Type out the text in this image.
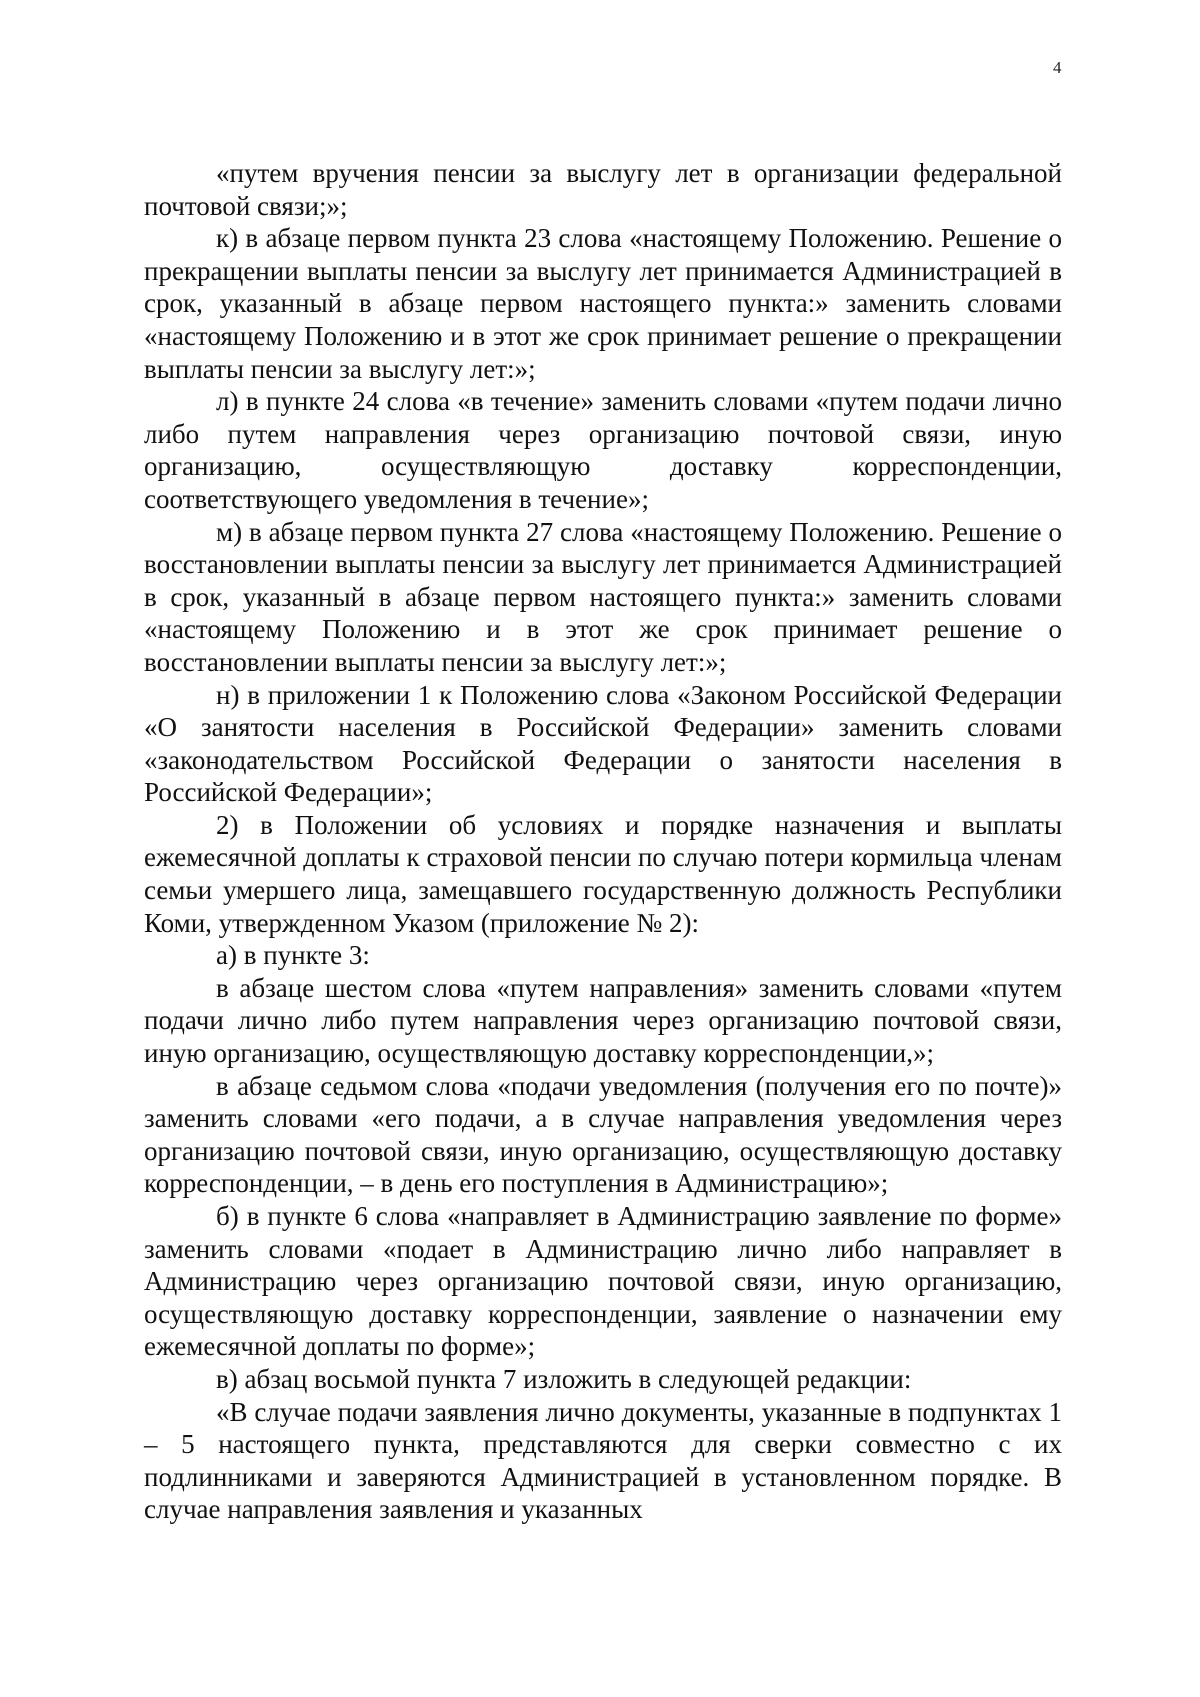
4

«путем вручения пенсии за выслугу лет в организации федеральной почтовой связи;»;

к) в абзаце первом пункта 23 слова «настоящему Положению. Решение о прекращении выплаты пенсии за выслугу лет принимается Администрацией в срок, указанный в абзаце первом настоящего пункта:» заменить словами «настоящему Положению и в этот же срок принимает решение о прекращении выплаты пенсии за выслугу лет:»;

л) в пункте 24 слова «в течение» заменить словами «путем подачи лично либо путем направления через организацию почтовой связи, иную организацию, осуществляющую доставку корреспонденции, соответствующего уведомления в течение»;

м) в абзаце первом пункта 27 слова «настоящему Положению. Решение о восстановлении выплаты пенсии за выслугу лет принимается Администрацией в срок, указанный в абзаце первом настоящего пункта:» заменить словами «настоящему Положению и в этот же срок принимает решение о восстановлении выплаты пенсии за выслугу лет:»;

н) в приложении 1 к Положению слова «Законом Российской Федерации «О занятости населения в Российской Федерации» заменить словами «законодательством Российской Федерации о занятости населения в Российской Федерации»;

2) в Положении об условиях и порядке назначения и выплаты ежемесячной доплаты к страховой пенсии по случаю потери кормильца членам семьи умершего лица, замещавшего государственную должность Республики Коми, утвержденном Указом (приложение № 2):

а) в пункте 3:

в абзаце шестом слова «путем направления» заменить словами «путем подачи лично либо путем направления через организацию почтовой связи, иную организацию, осуществляющую доставку корреспонденции,»;

в абзаце седьмом слова «подачи уведомления (получения его по почте)» заменить словами «его подачи, а в случае направления уведомления через организацию почтовой связи, иную организацию, осуществляющую доставку корреспонденции, – в день его поступления в Администрацию»;

б) в пункте 6 слова «направляет в Администрацию заявление по форме» заменить словами «подает в Администрацию лично либо направляет в Администрацию через организацию почтовой связи, иную организацию, осуществляющую доставку корреспонденции, заявление о назначении ему ежемесячной доплаты по форме»;

в) абзац восьмой пункта 7 изложить в следующей редакции:

«В случае подачи заявления лично документы, указанные в подпунктах 1 – 5 настоящего пункта, представляются для сверки совместно с их подлинниками и заверяются Администрацией в установленном порядке. В случае направления заявления и указанных
